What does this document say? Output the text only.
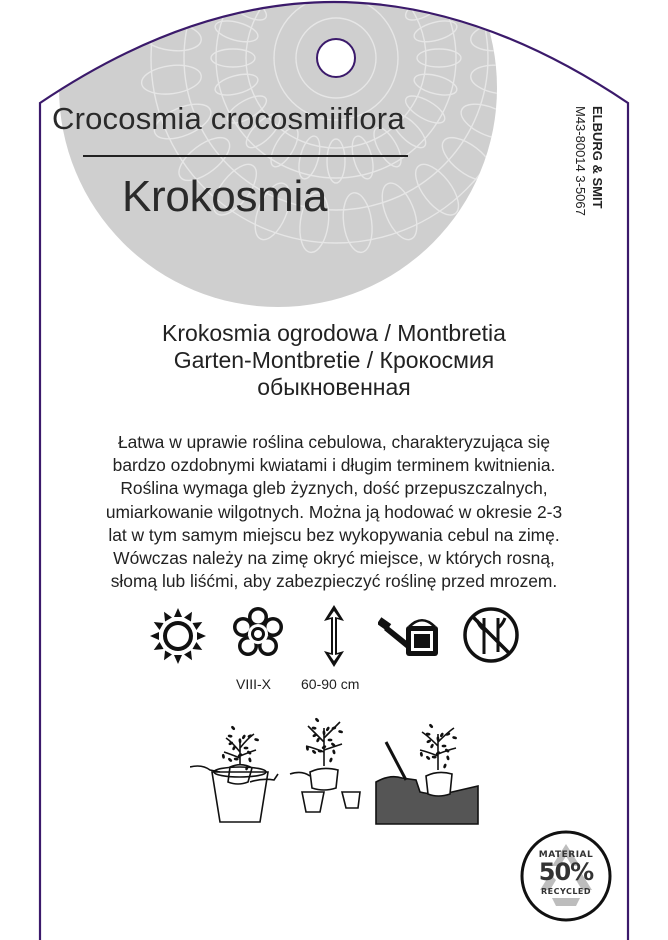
Crocosmia crocosmiiflora
Krokosmia	ELBURG & SMIT
M43-80014 3-5067
Krokosmia ogrodowa / Montbretia
Garten-Montbretie / Крокосмия
обыкновенная
Łatwa w uprawie roślina cebulowa, charakteryzująca się
bardzo ozdobnymi kwiatami i długim terminem kwitnienia.
Roślina wymaga gleb żyznych, dość przepuszczalnych,
umiarkowanie wilgotnych. Można ją hodować w okresie 2-3
lat w tym samym miejscu bez wykopywania cebul na zimę.
Wówczas należy na zimę okryć miejsce, w których rosną,
słomą lub liśćmi, aby zabezpieczyć roślinę przed mrozem.
VIII-X 60-90 cm
MATERIAL
50%
RECYCLED
